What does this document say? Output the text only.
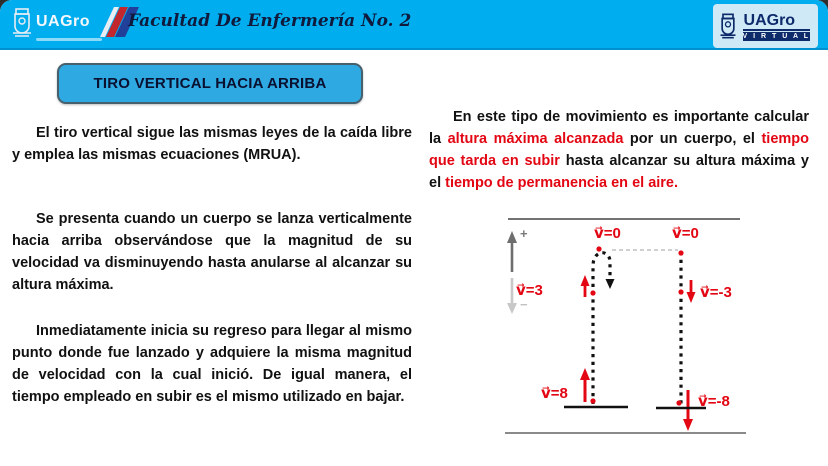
UAGro Facultad De Enfermería No. 2	UAGro
V I R T U A L
TIRO VERTICAL HACIA ARRIBA

El tiro vertical sigue las mismas leyes de la caída libre y emplea las mismas ecuaciones (MRUA).

Se presenta cuando un cuerpo se lanza verticalmente hacia arriba observándose que la magnitud de su velocidad va disminuyendo hasta anularse al alcanzar su altura máxima.

Inmediatamente inicia su regreso para llegar al mismo punto donde fue lanzado y adquiere la misma magnitud de velocidad con la cual inició. De igual manera, el tiempo empleado en subir es el mismo utilizado en bajar.

En este tipo de movimiento es importante calcular la altura máxima alcanzada por un cuerpo, el tiempo que tarda en subir hasta alcanzar su altura máxima y el tiempo de permanencia en el aire.

+
−
v⃗=0	v⃗=0
v⃗=3	v⃗=-3
v⃗=8	v⃗=-8
